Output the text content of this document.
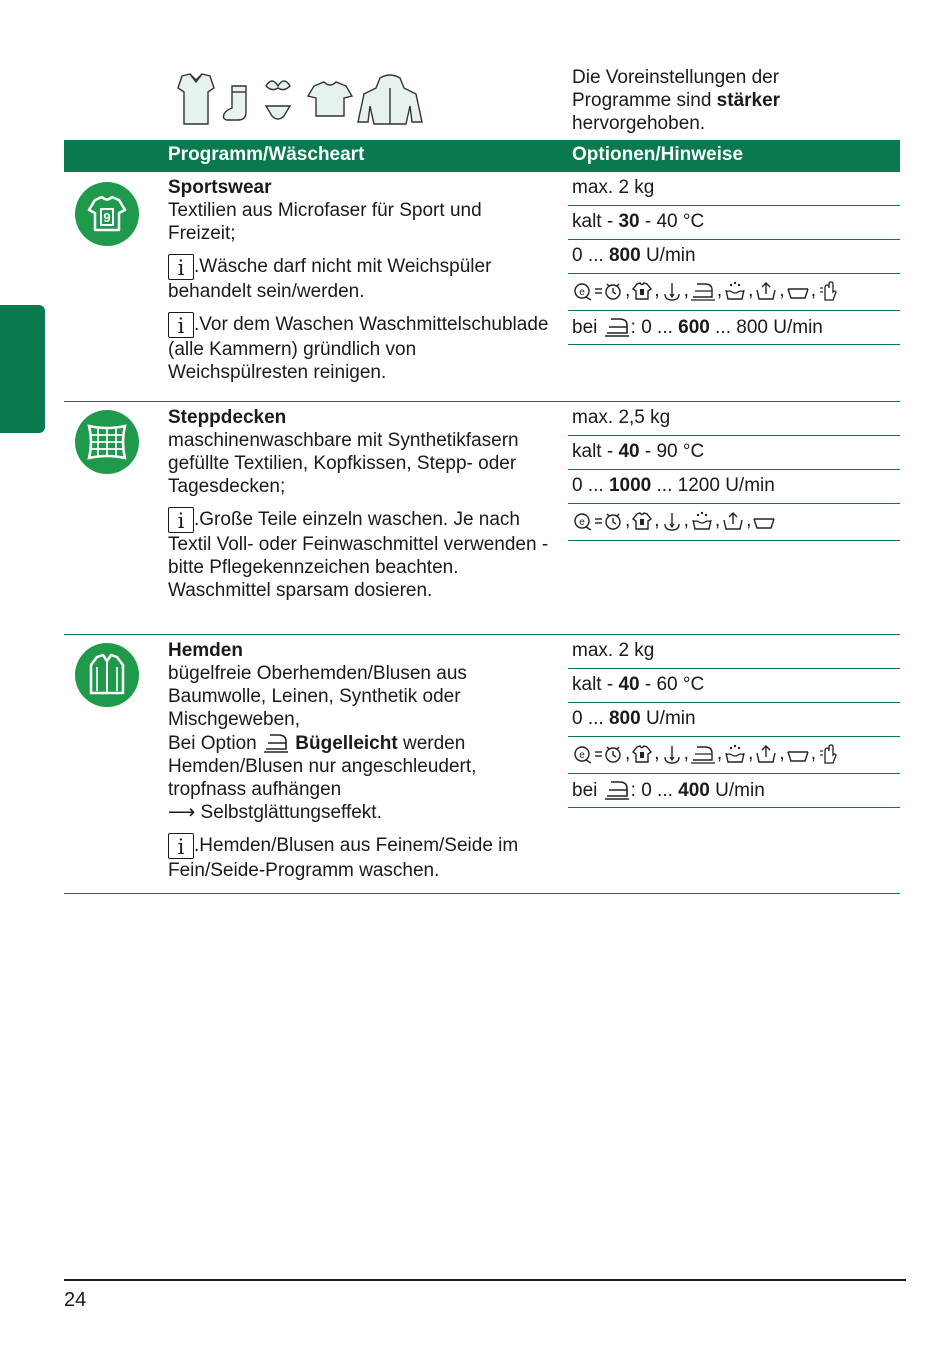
Die Voreinstellungen der Programme sind stärker hervorgehoben.
Programm/Wäscheart	Optionen/Hinweise
9

Sportswear

Textilien aus Microfaser für Sport und Freizeit;

i .Wäsche darf nicht mit Weichspüler behandelt sein/werden.

i .Vor dem Waschen Waschmittelschublade (alle Kammern) gründlich von Weichspülresten reinigen.

max. 2 kg
kalt - 30 - 40 °C
0 ... 800 U/min
e , , , , , , ,
bei : 0 ... 600 ... 800 U/min

Steppdecken

maschinenwaschbare mit Synthetikfasern gefüllte Textilien, Kopfkissen, Stepp- oder Tagesdecken;

i .Große Teile einzeln waschen. Je nach Textil Voll- oder Feinwaschmittel verwenden - bitte Pflegekennzeichen beachten. Waschmittel sparsam dosieren.

max. 2,5 kg
kalt - 40 - 90 °C
0 ... 1000 ... 1200 U/min
e , , , , ,

Hemden

bügelfreie Oberhemden/Blusen aus Baumwolle, Leinen, Synthetik oder Mischgeweben,

Bei Option  Bügelleicht werden Hemden/Blusen nur angeschleudert, tropfnass aufhängen

⟶ Selbstglättungseffekt.

i .Hemden/Blusen aus Feinem/Seide im Fein/Seide-Programm waschen.

max. 2 kg
kalt - 40 - 60 °C
0 ... 800 U/min
e , , , , , , ,
bei : 0 ... 400 U/min
24
